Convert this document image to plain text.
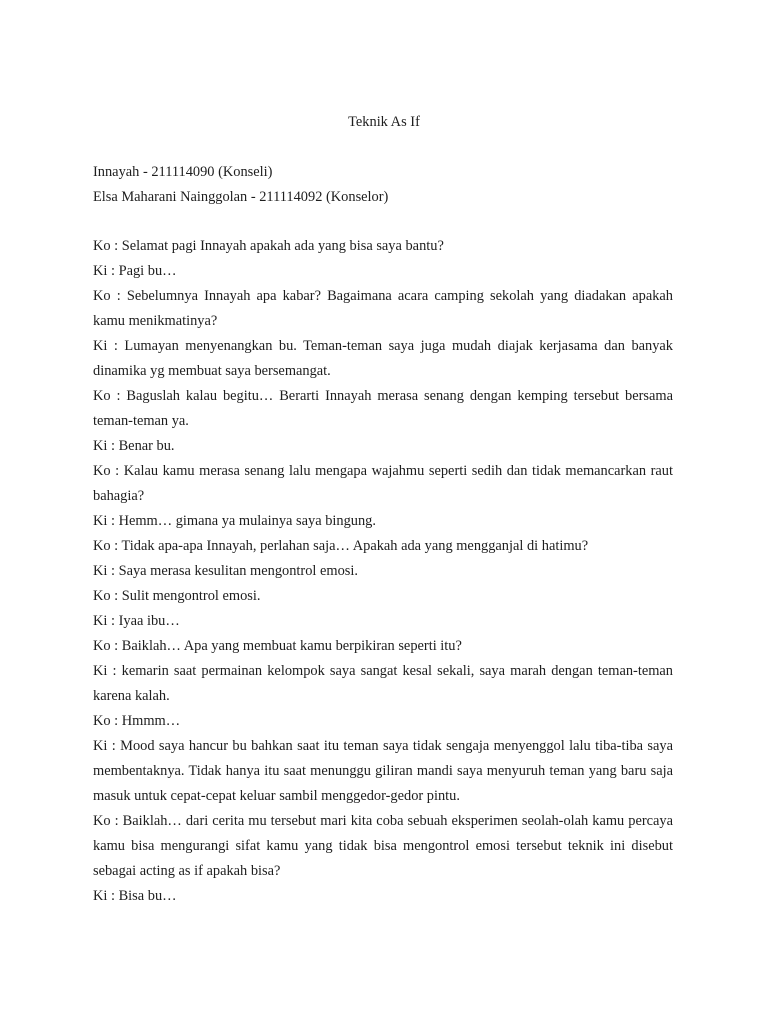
Teknik As If
Innayah - 211114090 (Konseli)
Elsa Maharani Nainggolan - 211114092 (Konselor)
Ko : Selamat pagi Innayah apakah ada yang bisa saya bantu?
Ki : Pagi bu…
Ko : Sebelumnya Innayah apa kabar? Bagaimana acara camping sekolah yang diadakan apakah kamu menikmatinya?
Ki : Lumayan menyenangkan bu. Teman-teman saya juga mudah diajak kerjasama dan banyak dinamika yg membuat saya bersemangat.
Ko : Baguslah kalau begitu… Berarti Innayah merasa senang dengan kemping tersebut bersama teman-teman ya.
Ki : Benar bu.
Ko : Kalau kamu merasa senang lalu mengapa wajahmu seperti sedih dan tidak memancarkan raut bahagia?
Ki : Hemm… gimana ya mulainya saya bingung.
Ko : Tidak apa-apa Innayah, perlahan saja… Apakah ada yang mengganjal di hatimu?
Ki : Saya merasa kesulitan mengontrol emosi.
Ko : Sulit mengontrol emosi.
Ki : Iyaa ibu…
Ko : Baiklah… Apa yang membuat kamu berpikiran seperti itu?
Ki : kemarin saat permainan kelompok saya sangat kesal sekali, saya marah dengan teman-teman karena kalah.
Ko : Hmmm…
Ki : Mood saya hancur bu bahkan saat itu teman saya tidak sengaja menyenggol lalu tiba-tiba saya membentaknya. Tidak hanya itu saat menunggu giliran mandi saya menyuruh teman yang baru saja masuk untuk cepat-cepat keluar sambil menggedor-gedor pintu.
Ko : Baiklah… dari cerita mu tersebut mari kita coba sebuah eksperimen seolah-olah kamu percaya kamu bisa mengurangi sifat kamu yang tidak bisa mengontrol emosi tersebut teknik ini disebut sebagai acting as if apakah bisa?
Ki : Bisa bu…
